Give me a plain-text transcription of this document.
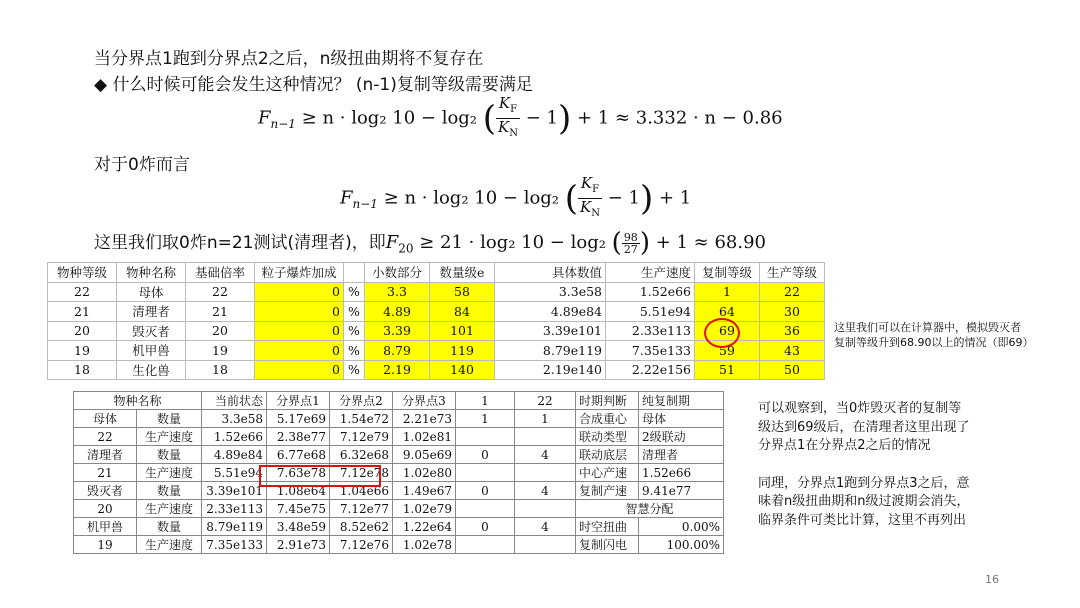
当分界点1跑到分界点2之后，n级扭曲期将不复存在
◆ 什么时候可能会发生这种情况？ (n-1)复制等级需要满足
$F_{n-1} \ge n \cdot \log_2$ 10 − log₂ ( $\frac{K_F}{K_N} - 1) + 1 \approx 3.332 \cdot n - 0.86$
对于0炸而言
$F_{n-1} \ge n \cdot \log_2$ 10 − log₂ ( $\frac{K_F}{K_N} - 1) + 1$
这里我们取0炸n=21测试(清理者)，即$F_{20} \ge 21 \cdot \log_2$ 10 − log₂ ( $\frac{98}{27}$ ) + 1 ≈ 68.90
物种等级	物种名称	基础倍率	粒子爆炸加成		小数部分	数量级e	具体数值	生产速度	复制等级	生产等级
22	母体	22	0	%	3.3	58	3.3e58	1.52e66	1	22
21	清理者	21	0	%	4.89	84	4.89e84	5.51e94	64	30
20	毁灭者	20	0	%	3.39	101	3.39e101	2.33e113	69	36
19	机甲兽	19	0	%	8.79	119	8.79e119	7.35e133	59	43
18	生化兽	18	0	%	2.19	140	2.19e140	2.22e156	51	50
这里我们可以在计算器中，模拟毁灭者
复制等级升到68.90以上的情况（即69）
物种名称		当前状态	分界点1	分界点2	分界点3	1	22	时期判断	纯复制期
母体	数量	3.3e58	5.17e69	1.54e72	2.21e73	1	1	合成重心	母体
22	生产速度	1.52e66	2.38e77	7.12e79	1.02e81			联动类型	2级联动
清理者	数量	4.89e84	6.77e68	6.32e68	9.05e69	0	4	联动底层	清理者
21	生产速度	5.51e94	7.63e78	7.12e78	1.02e80			中心产速	1.52e66
毁灭者	数量	3.39e101	1.08e64	1.04e66	1.49e67	0	4	复制产速	9.41e77
20	生产速度	2.33e113	7.45e75	7.12e77	1.02e79			智慧分配	
机甲兽	数量	8.79e119	3.48e59	8.52e62	1.22e64	0	4	时空扭曲	0.00%
19	生产速度	7.35e133	2.91e73	7.12e76	1.02e78			复制闪电	100.00%
可以观察到，当0炸毁灭者的复制等
级达到69级后，在清理者这里出现了
分界点1在分界点2之后的情况
同理，分界点1跑到分界点3之后，意
味着n级扭曲期和n级过渡期会消失，
临界条件可类比计算，这里不再列出
16
